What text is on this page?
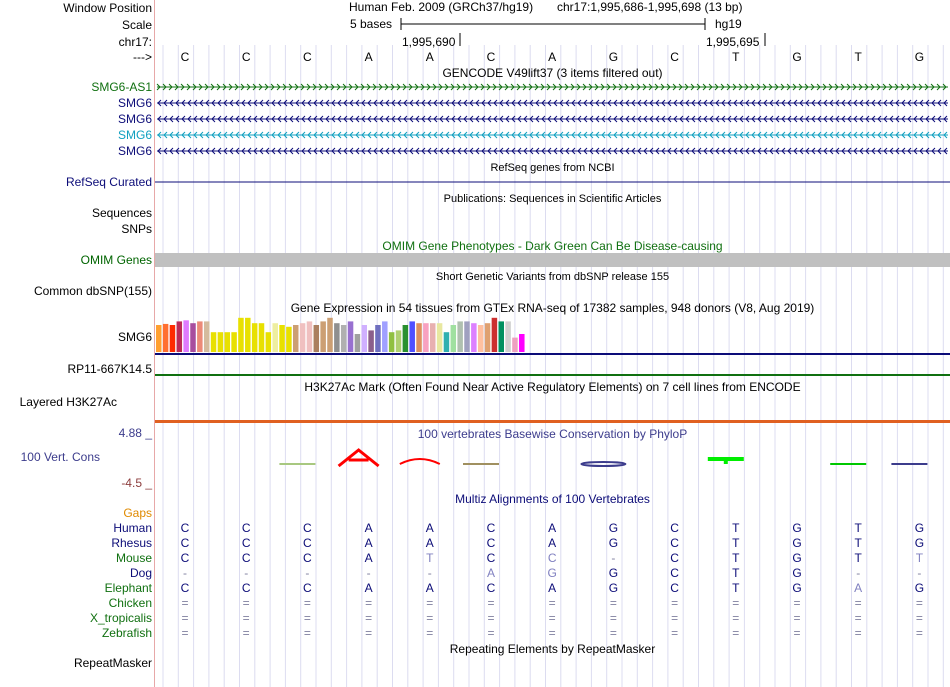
Window Position
Scale
chr17:
--->
SMG6-AS1
SMG6
SMG6
SMG6
SMG6
RefSeq Curated
Sequences
SNPs
OMIM Genes
Common dbSNP(155)
SMG6
RP11-667K14.5
Layered H3K27Ac
4.88 _
100 Vert. Cons
-4.5 _
Gaps
Human
Rhesus
Mouse
Dog
Elephant
Chicken
X_tropicalis
Zebrafish
RepeatMasker
Human Feb. 2009 (GRCh37/hg19) chr17:1,995,686-1,995,698 (13 bp)
5 bases	hg19
1,995,690	1,995,695
C	C	C	A	A	C	A	G	C	T	G	T	G
GENCODE V49lift37 (3 items filtered out)
RefSeq genes from NCBI
Publications: Sequences in Scientific Articles
OMIM Gene Phenotypes - Dark Green Can Be Disease-causing
Short Genetic Variants from dbSNP release 155
Gene Expression in 54 tissues from GTEx RNA-seq of 17382 samples, 948 donors (V8, Aug 2019)
H3K27Ac Mark (Often Found Near Active Regulatory Elements) on 7 cell lines from ENCODE
100 vertebrates Basewise Conservation by PhyloP
Multiz Alignments of 100 Vertebrates
C	C	C	A	A	C	A	G	C	T	G	T	G
C	C	C	A	A	C	A	G	C	T	G	T	G
C	C	C	A	T	C	C	-	C	T	G	T	T
-	-	-	-	-	A	G	G	C	T	G	-	-
C	C	C	A	A	C	A	G	C	T	G	A	G
=	=	=	=	=	=	=	=	=	=	=	=	=
=	=	=	=	=	=	=	=	=	=	=	=	=
=	=	=	=	=	=	=	=	=	=	=	=	=
Repeating Elements by RepeatMasker
